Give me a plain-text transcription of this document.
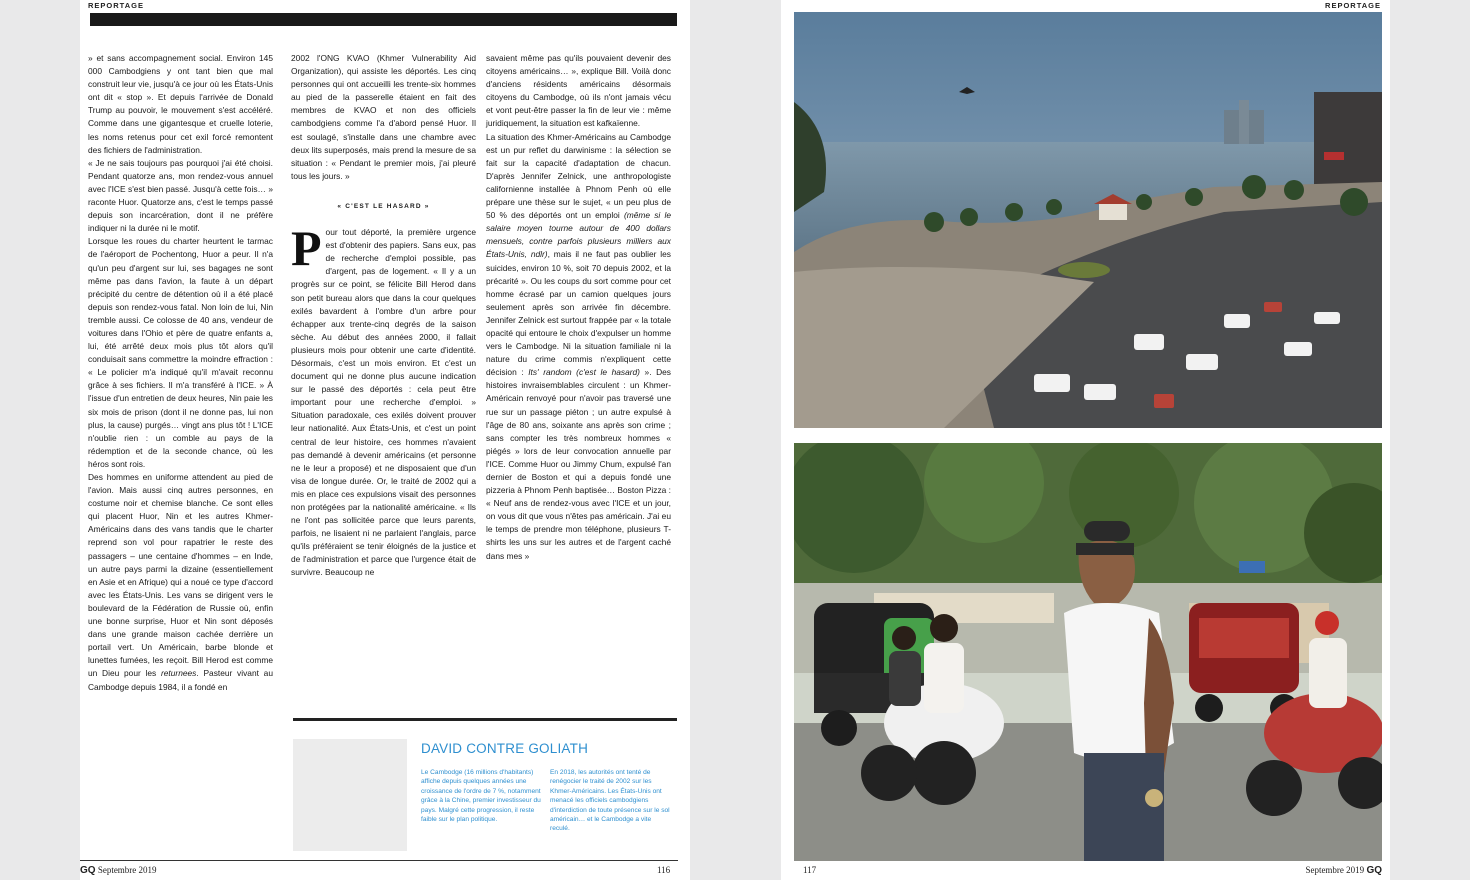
REPORTAGE

» et sans accompagnement social. Environ 145 000 Cambodgiens y ont tant bien que mal construit leur vie, jusqu'à ce jour où les États-Unis ont dit « stop ». Et depuis l'arrivée de Donald Trump au pouvoir, le mouvement s'est accéléré. Comme dans une gigantesque et cruelle loterie, les noms retenus pour cet exil forcé remontent des fichiers de l'administration.

« Je ne sais toujours pas pourquoi j'ai été choisi. Pendant quatorze ans, mon rendez-vous annuel avec l'ICE s'est bien passé. Jusqu'à cette fois… » raconte Huor. Quatorze ans, c'est le temps passé depuis son incarcération, dont il ne préfère indiquer ni la durée ni le motif.

Lorsque les roues du charter heurtent le tarmac de l'aéroport de Pochentong, Huor a peur. Il n'a qu'un peu d'argent sur lui, ses bagages ne sont même pas dans l'avion, la faute à un départ précipité du centre de détention où il a été placé depuis son rendez-vous fatal. Non loin de lui, Nin tremble aussi. Ce colosse de 40 ans, vendeur de voitures dans l'Ohio et père de quatre enfants a, lui, été arrêté deux mois plus tôt alors qu'il conduisait sans commettre la moindre effraction : « Le policier m'a indiqué qu'il m'avait reconnu grâce à ses fichiers. Il m'a transféré à l'ICE. » À l'issue d'un entretien de deux heures, Nin paie les six mois de prison (dont il ne donne pas, lui non plus, la cause) purgés… vingt ans plus tôt ! L'ICE n'oublie rien : un comble au pays de la rédemption et de la seconde chance, où les héros sont rois.

Des hommes en uniforme attendent au pied de l'avion. Mais aussi cinq autres personnes, en costume noir et chemise blanche. Ce sont elles qui placent Huor, Nin et les autres Khmer-Américains dans des vans tandis que le charter reprend son vol pour rapatrier le reste des passagers – une centaine d'hommes – en Inde, un autre pays parmi la dizaine (essentiellement en Asie et en Afrique) qui a noué ce type d'accord avec les États-Unis. Les vans se dirigent vers le boulevard de la Fédération de Russie où, enfin une bonne surprise, Huor et Nin sont déposés dans une grande maison cachée derrière un portail vert. Un Américain, barbe blonde et lunettes fumées, les reçoit. Bill Herod est comme un Dieu pour les returnees. Pasteur vivant au Cambodge depuis 1984, il a fondé en

2002 l'ONG KVAO (Khmer Vulnerability Aid Organization), qui assiste les déportés. Les cinq personnes qui ont accueilli les trente-six hommes au pied de la passerelle étaient en fait des membres de KVAO et non des officiels cambodgiens comme l'a d'abord pensé Huor. Il est soulagé, s'installe dans une chambre avec deux lits superposés, mais prend la mesure de sa situation : « Pendant le premier mois, j'ai pleuré tous les jours. »

« C'EST LE HASARD »

Pour tout déporté, la première urgence est d'obtenir des papiers. Sans eux, pas de recherche d'emploi possible, pas d'argent, pas de logement. « Il y a un progrès sur ce point, se félicite Bill Herod dans son petit bureau alors que dans la cour quelques exilés bavardent à l'ombre d'un arbre pour échapper aux trente-cinq degrés de la saison sèche. Au début des années 2000, il fallait plusieurs mois pour obtenir une carte d'identité. Désormais, c'est un mois environ. Et c'est un document qui ne donne plus aucune indication sur le passé des déportés : cela peut être important pour une recherche d'emploi. » Situation paradoxale, ces exilés doivent prouver leur nationalité. Aux États-Unis, et c'est un point central de leur histoire, ces hommes n'avaient pas demandé à devenir américains (et personne ne le leur a proposé) et ne disposaient que d'un visa de longue durée. Or, le traité de 2002 qui a mis en place ces expulsions visait des personnes non protégées par la nationalité américaine. « Ils ne l'ont pas sollicitée parce que leurs parents, parfois, ne lisaient ni ne parlaient l'anglais, parce qu'ils préféraient se tenir éloignés de la justice et de l'administration et parce que l'urgence était de survivre. Beaucoup ne

savaient même pas qu'ils pouvaient devenir des citoyens américains… », explique Bill. Voilà donc d'anciens résidents américains désormais citoyens du Cambodge, où ils n'ont jamais vécu et vont peut-être passer la fin de leur vie : même juridiquement, la situation est kafkaïenne.

La situation des Khmer-Américains au Cambodge est un pur reflet du darwinisme : la sélection se fait sur la capacité d'adaptation de chacun. D'après Jennifer Zelnick, une anthropologiste californienne installée à Phnom Penh où elle prépare une thèse sur le sujet, « un peu plus de 50 % des déportés ont un emploi (même si le salaire moyen tourne autour de 400 dollars mensuels, contre parfois plusieurs milliers aux États-Unis, ndlr), mais il ne faut pas oublier les suicides, environ 10 %, soit 70 depuis 2002, et la précarité ». Ou les coups du sort comme pour cet homme écrasé par un camion quelques jours seulement après son arrivée fin décembre. Jennifer Zelnick est surtout frappée par « la totale opacité qui entoure le choix d'expulser un homme vers le Cambodge. Ni la situation familiale ni la nature du crime commis n'expliquent cette décision : Its' random (c'est le hasard) ». Des histoires invraisemblables circulent : un Khmer-Américain renvoyé pour n'avoir pas traversé une rue sur un passage piéton ; un autre expulsé à l'âge de 80 ans, soixante ans après son crime ; sans compter les très nombreux hommes « piégés » lors de leur convocation annuelle par l'ICE. Comme Huor ou Jimmy Chum, expulsé l'an dernier de Boston et qui a depuis fondé une pizzeria à Phnom Penh baptisée… Boston Pizza : « Neuf ans de rendez-vous avec l'ICE et un jour, on vous dit que vous n'êtes pas américain. J'ai eu le temps de prendre mon téléphone, plusieurs T-shirts les uns sur les autres et de l'argent caché dans mes »

DAVID CONTRE GOLIATH
Le Cambodge (16 millions d'habitants) affiche depuis quelques années une croissance de l'ordre de 7 %, notamment grâce à la Chine, premier investisseur du pays. Malgré cette progression, il reste faible sur le plan politique.
En 2018, les autorités ont tenté de renégocier le traité de 2002 sur les Khmer-Américains. Les États-Unis ont menacé les officiels cambodgiens d'interdiction de toute présence sur le sol américain… et le Cambodge a vite reculé.
GQ Septembre 2019	116
REPORTAGE
117	Septembre 2019 GQ
